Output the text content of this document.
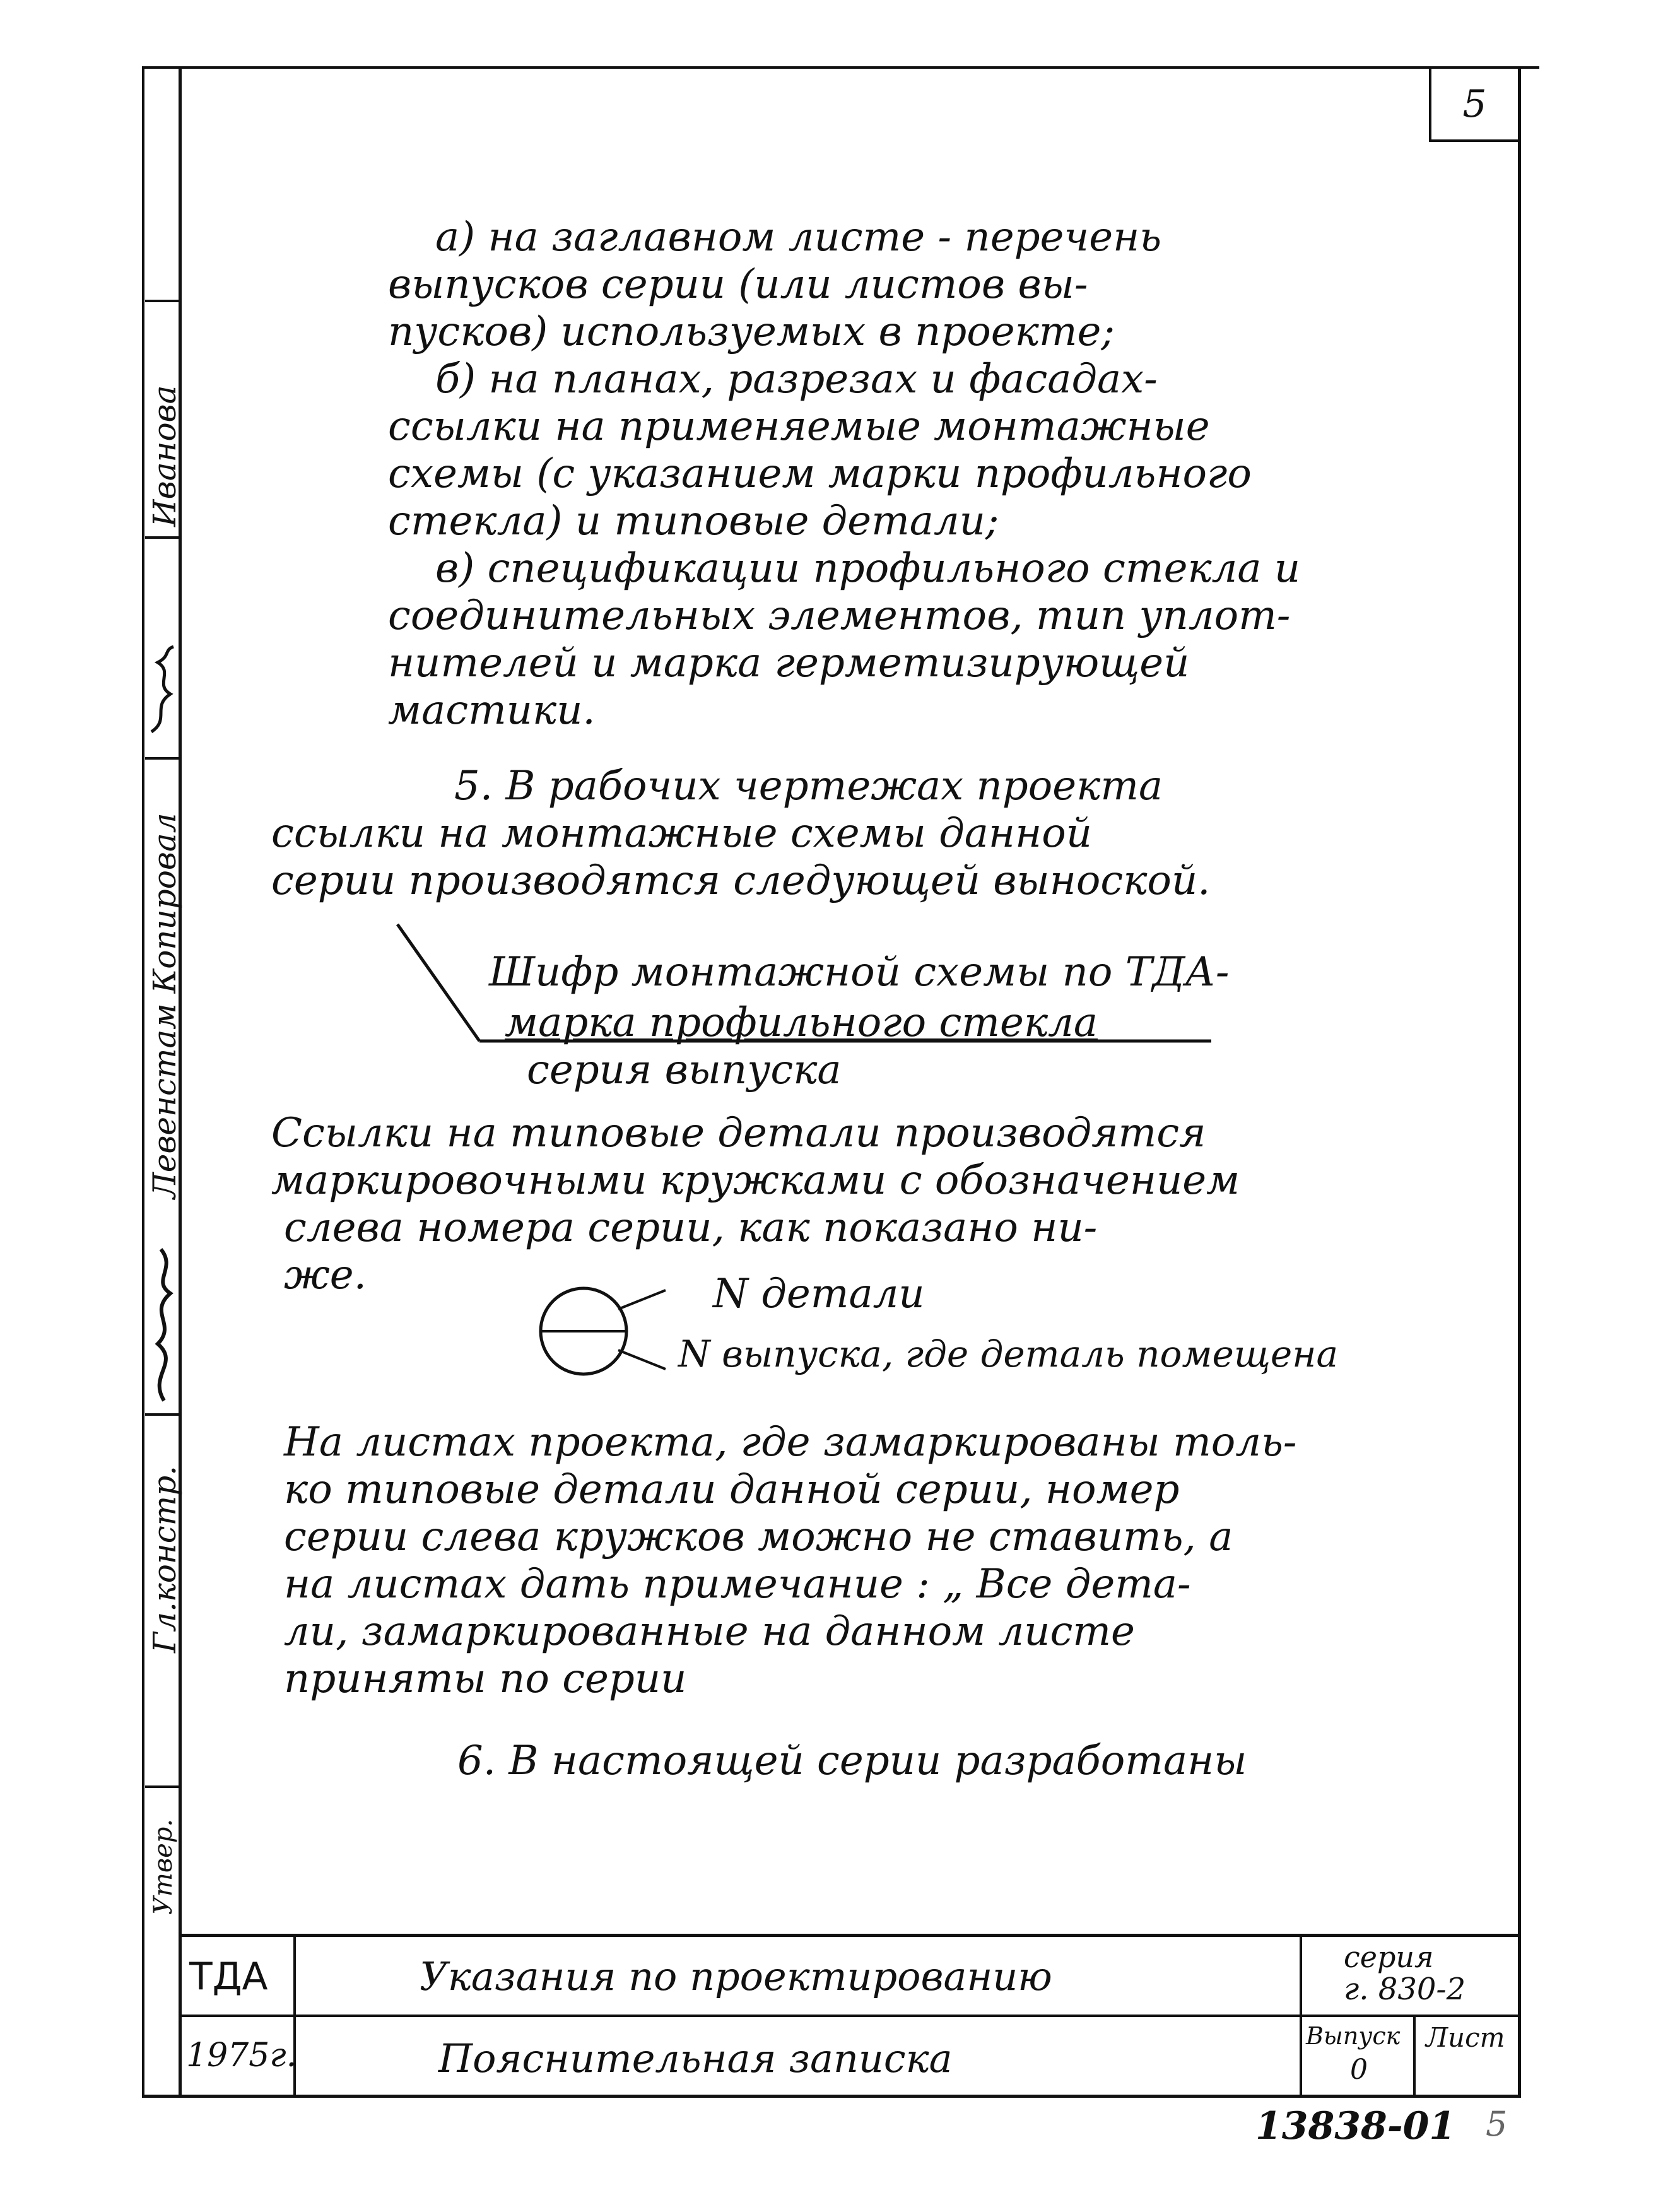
5
Иванова
Левенстам Копировал
Гл.констр.
Утвер.
а) на заглавном листе - перечень
выпусков серии (или листов вы-
пусков) используемых в проекте;
б) на планах, разрезах и фасадах-
ссылки на применяемые монтажные
схемы (с указанием марки профильного
стекла) и типовые детали;
в) спецификации профильного стекла и
соединительных элементов, тип уплот-
нителей и марка герметизирующей
мастики.
5. В рабочих чертежах проекта
ссылки на монтажные схемы данной
серии производятся следующей выноской.
Шифр монтажной схемы по ТДА-
марка профильного стекла
серия выпуска
Ссылки на типовые детали производятся
маркировочными кружками с обозначением
слева номера серии, как показано ни-
же.	N детали
N выпуска, где деталь помещена
На листах проекта, где замаркированы толь-
ко типовые детали данной серии, номер
серии слева кружков можно не ставить, а
на листах дать примечание : „ Все дета-
ли, замаркированные на данном листе
приняты по серии
6. В настоящей серии разработаны
ТДА
1975г.
Указания по проектированию
Пояснительная записка
серия
г. 830-2
Выпуск
0
Лист
13838-01 5
